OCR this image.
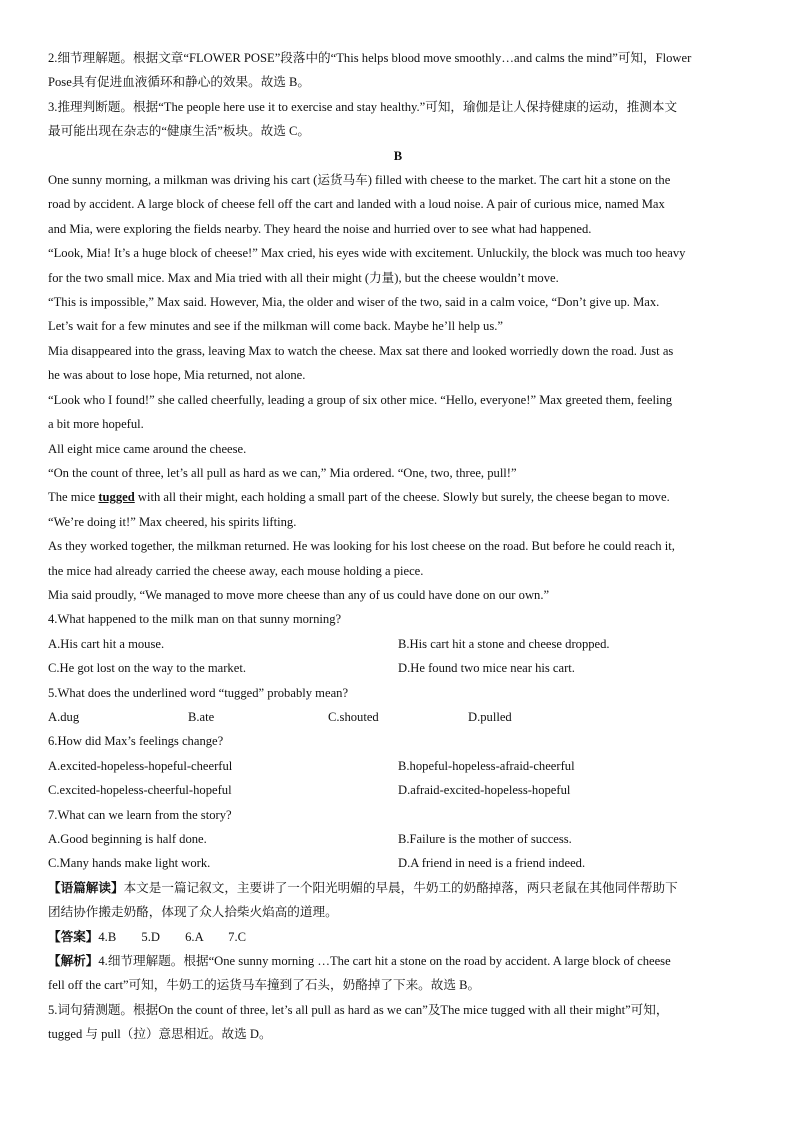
2.细节理解题。根据文章“FLOWER POSE”段落中的“This helps blood move smoothly…and calms the mind”可知，Flower

Pose具有促进血液循环和静心的效果。故选 B。

3.推理判断题。根据“The people here use it to exercise and stay healthy.”可知，瑜伽是让人保持健康的运动，推测本文

最可能出现在杂志的“健康生活”板块。故选 C。

B

One sunny morning, a milkman was driving his cart (运货马车) filled with cheese to the market. The cart hit a stone on the

road by accident. A large block of cheese fell off the cart and landed with a loud noise. A pair of curious mice, named Max

and Mia, were exploring the fields nearby. They heard the noise and hurried over to see what had happened.

“Look, Mia! It’s a huge block of cheese!” Max cried, his eyes wide with excitement. Unluckily, the block was much too heavy

for the two small mice. Max and Mia tried with all their might (力量), but the cheese wouldn’t move.

“This is impossible,” Max said. However, Mia, the older and wiser of the two, said in a calm voice, “Don’t give up. Max.

Let’s wait for a few minutes and see if the milkman will come back. Maybe he’ll help us.”

Mia disappeared into the grass, leaving Max to watch the cheese. Max sat there and looked worriedly down the road. Just as

he was about to lose hope, Mia returned, not alone.

“Look who I found!” she called cheerfully, leading a group of six other mice. “Hello, everyone!” Max greeted them, feeling

a bit more hopeful.

All eight mice came around the cheese.

“On the count of three, let’s all pull as hard as we can,” Mia ordered. “One, two, three, pull!”

The mice tugged with all their might, each holding a small part of the cheese. Slowly but surely, the cheese began to move.

“We’re doing it!” Max cheered, his spirits lifting.

As they worked together, the milkman returned. He was looking for his lost cheese on the road. But before he could reach it,

the mice had already carried the cheese away, each mouse holding a piece.

Mia said proudly, “We managed to move more cheese than any of us could have done on our own.”

4.What happened to the milk man on that sunny morning?

A.His cart hit a mouse.	B.His cart hit a stone and cheese dropped.
C.He got lost on the way to the market.	D.He found two mice near his cart.

5.What does the underlined word “tugged” probably mean?

A.dug	B.ate	C.shouted	D.pulled

6.How did Max’s feelings change?

A.excited-hopeless-hopeful-cheerful	B.hopeful-hopeless-afraid-cheerful
C.excited-hopeless-cheerful-hopeful	D.afraid-excited-hopeless-hopeful

7.What can we learn from the story?

A.Good beginning is half done.	B.Failure is the mother of success.
C.Many hands make light work.	D.A friend in need is a friend indeed.

【语篇解读】本文是一篇记叙文，主要讲了一个阳光明媚的早晨，牛奶工的奶酪掉落，两只老鼠在其他同伴帮助下

团结协作搬走奶酪，体现了众人拾柴火焰高的道理。

【答案】4.B　　5.D　　6.A　　7.C

【解析】4.细节理解题。根据“One sunny morning …The cart hit a stone on the road by accident. A large block of cheese

fell off the cart”可知，牛奶工的运货马车撞到了石头，奶酪掉了下来。故选 B。

5.词句猜测题。根据On the count of three, let’s all pull as hard as we can”及The mice tugged with all their might”可知，

tugged 与 pull（拉）意思相近。故选 D。
